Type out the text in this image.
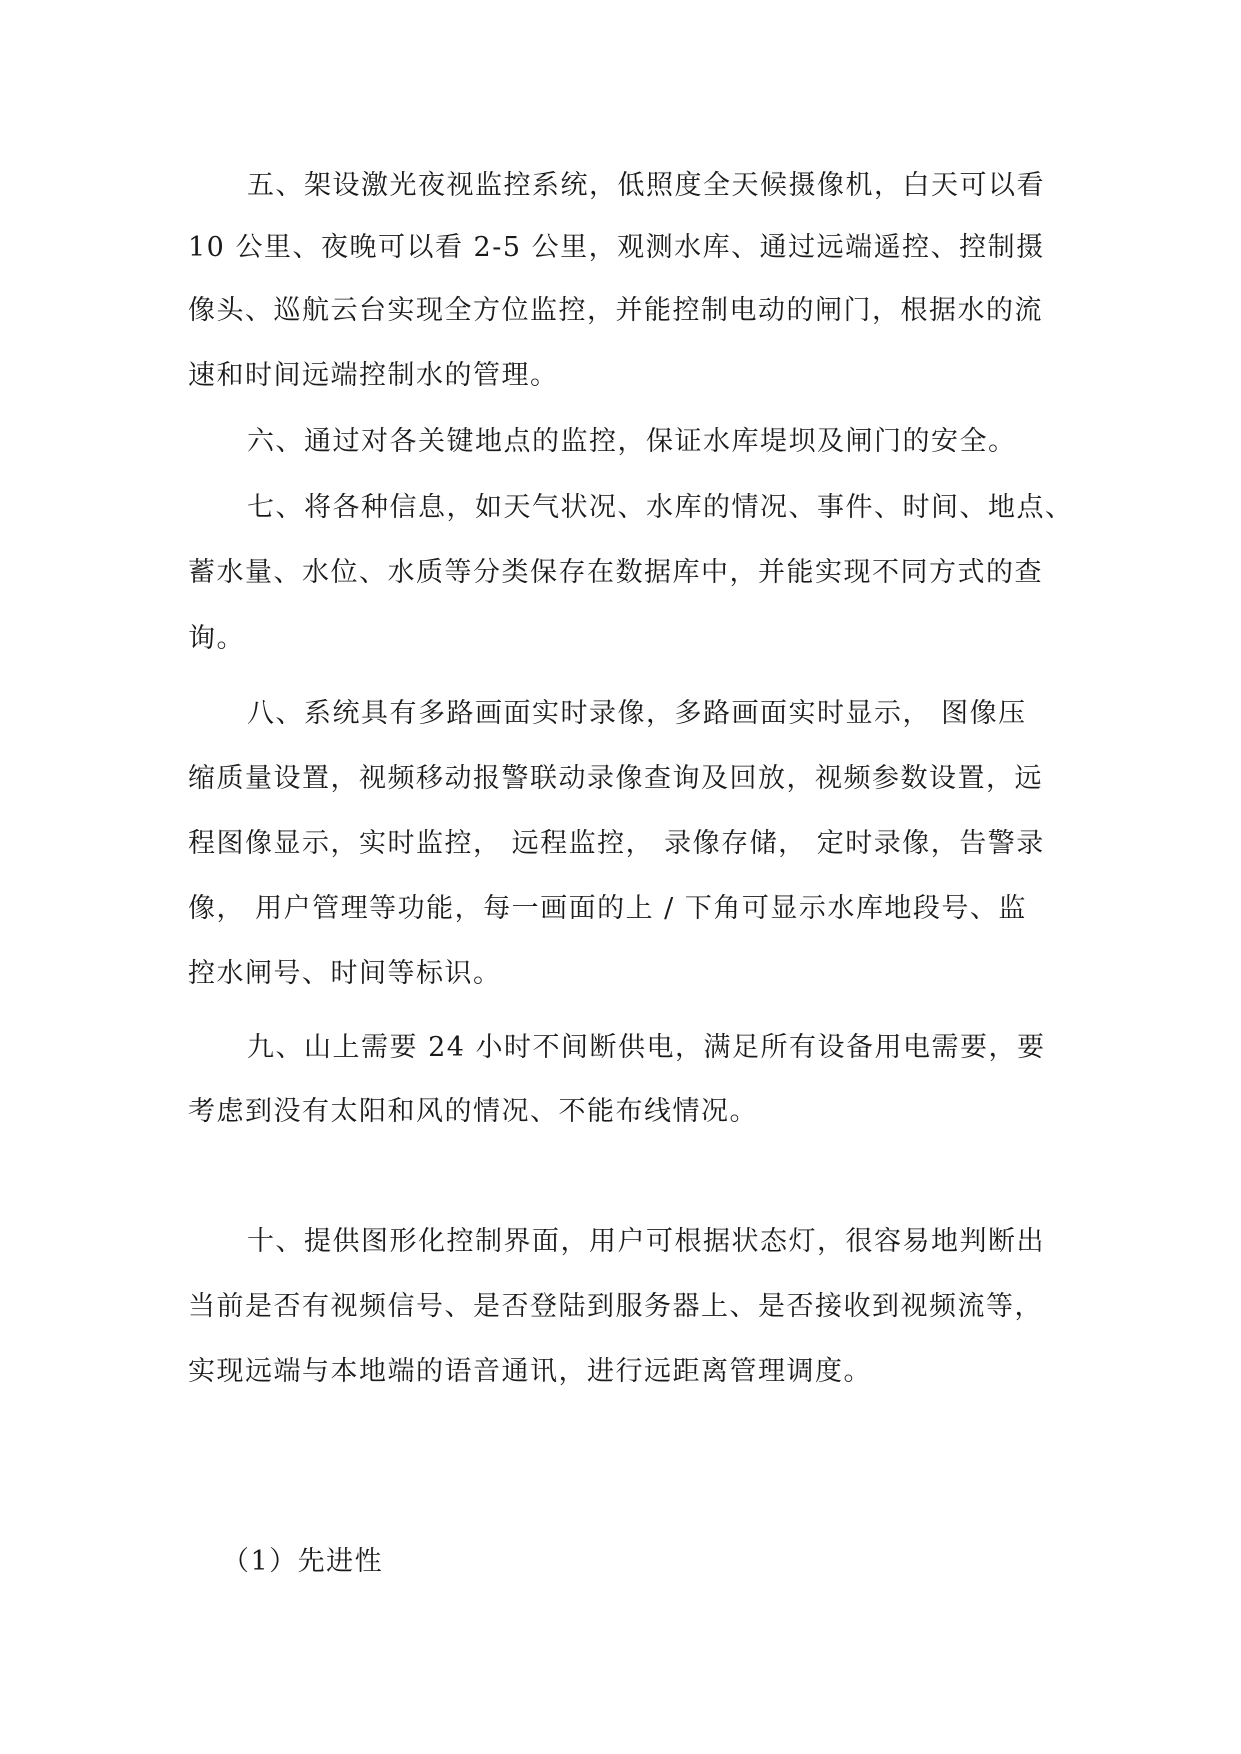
五、架设激光夜视监控系统，低照度全天候摄像机，白天可以看
10 公里、夜晚可以看 2-5 公里，观测水库、通过远端遥控、控制摄
像头、巡航云台实现全方位监控，并能控制电动的闸门，根据水的流
速和时间远端控制水的管理。
六、通过对各关键地点的监控，保证水库堤坝及闸门的安全。
七、将各种信息，如天气状况、水库的情况、事件、时间、地点、
蓄水量、水位、水质等分类保存在数据库中，并能实现不同方式的查
询。
八、系统具有多路画面实时录像，多路画面实时显示， 图像压
缩质量设置，视频移动报警联动录像查询及回放，视频参数设置，远
程图像显示，实时监控， 远程监控， 录像存储， 定时录像，告警录
像， 用户管理等功能，每一画面的上 / 下角可显示水库地段号、监
控水闸号、时间等标识。
九、山上需要 24 小时不间断供电，满足所有设备用电需要，要
考虑到没有太阳和风的情况、不能布线情况。
十、提供图形化控制界面，用户可根据状态灯，很容易地判断出
当前是否有视频信号、是否登陆到服务器上、是否接收到视频流等，
实现远端与本地端的语音通讯，进行远距离管理调度。
（1）先进性
